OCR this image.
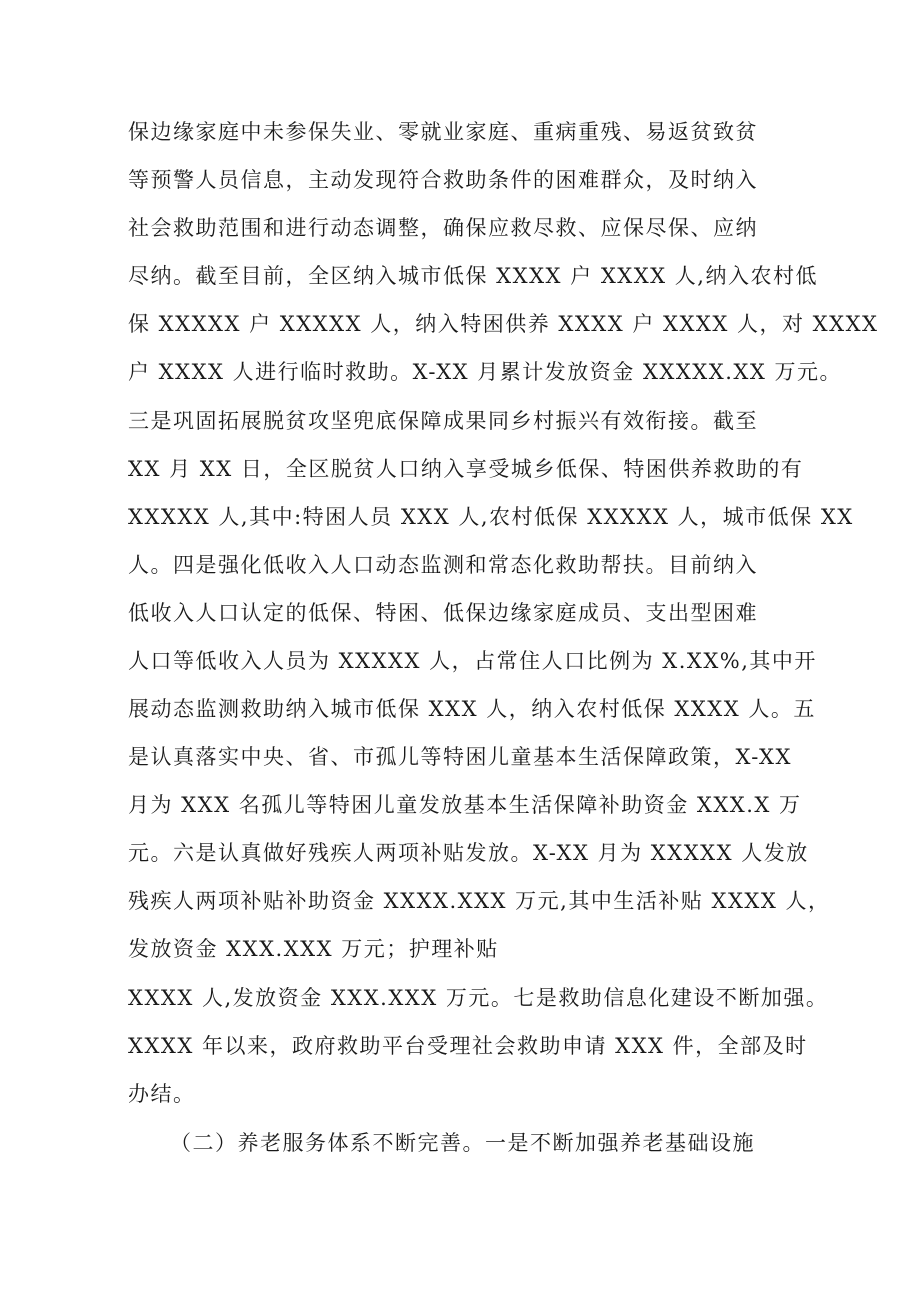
保边缘家庭中未参保失业、零就业家庭、重病重残、易返贫致贫
等预警人员信息，主动发现符合救助条件的困难群众，及时纳入
社会救助范围和进行动态调整，确保应救尽救、应保尽保、应纳
尽纳。截至目前，全区纳入城市低保 XXXX 户 XXXX 人,纳入农村低
保 XXXXX 户 XXXXX 人，纳入特困供养 XXXX 户 XXXX 人，对 XXXX
户 XXXX 人进行临时救助。X-XX 月累计发放资金 XXXXX.XX 万元。
三是巩固拓展脱贫攻坚兜底保障成果同乡村振兴有效衔接。截至
XX 月 XX 日，全区脱贫人口纳入享受城乡低保、特困供养救助的有
XXXXX 人,其中:特困人员 XXX 人,农村低保 XXXXX 人，城市低保 XX
人。四是强化低收入人口动态监测和常态化救助帮扶。目前纳入
低收入人口认定的低保、特困、低保边缘家庭成员、支出型困难
人口等低收入人员为 XXXXX 人，占常住人口比例为 X.XX%,其中开
展动态监测救助纳入城市低保 XXX 人，纳入农村低保 XXXX 人。五
是认真落实中央、省、市孤儿等特困儿童基本生活保障政策，X-XX
月为 XXX 名孤儿等特困儿童发放基本生活保障补助资金 XXX.X 万
元。六是认真做好残疾人两项补贴发放。X-XX 月为 XXXXX 人发放
残疾人两项补贴补助资金 XXXX.XXX 万元,其中生活补贴 XXXX 人，
发放资金 XXX.XXX 万元；护理补贴
XXXX 人,发放资金 XXX.XXX 万元。七是救助信息化建设不断加强。
XXXX 年以来，政府救助平台受理社会救助申请 XXX 件，全部及时
办结。
（二）养老服务体系不断完善。一是不断加强养老基础设施
